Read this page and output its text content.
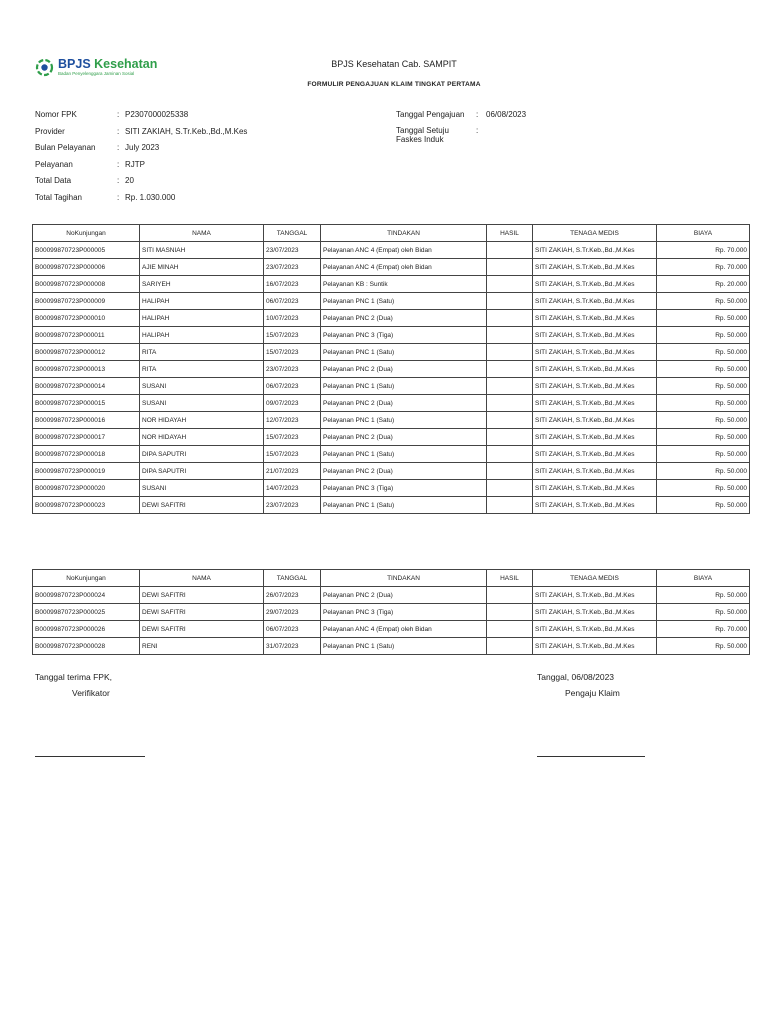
BPJS Kesehatan
Badan Penyelenggara Jaminan Sosial
BPJS Kesehatan Cab. SAMPIT
FORMULIR PENGAJUAN KLAIM TINGKAT PERTAMA
Nomor FPK	: P2307000025338
Provider	: SITI ZAKIAH, S.Tr.Keb.,Bd.,M.Kes
Bulan Pelayanan	: July 2023
Pelayanan	: RJTP
Total Data	: 20
Total Tagihan	: Rp. 1.030.000
Tanggal Pengajuan : 06/08/2023
Tanggal Setuju
Faskes Induk
:
NoKunjungan	NAMA	TANGGAL	TINDAKAN	HASIL	TENAGA MEDIS	BIAYA
B00099870723P000005	SITI MASNIAH	23/07/2023	Pelayanan ANC 4 (Empat) oleh Bidan		SITI ZAKIAH, S.Tr.Keb.,Bd.,M.Kes	Rp. 70.000
B00099870723P000006	AJIE MINAH	23/07/2023	Pelayanan ANC 4 (Empat) oleh Bidan		SITI ZAKIAH, S.Tr.Keb.,Bd.,M.Kes	Rp. 70.000
B00099870723P000008	SARIYEH	16/07/2023	Pelayanan KB : Suntik		SITI ZAKIAH, S.Tr.Keb.,Bd.,M.Kes	Rp. 20.000
B00099870723P000009	HALIPAH	06/07/2023	Pelayanan PNC 1 (Satu)		SITI ZAKIAH, S.Tr.Keb.,Bd.,M.Kes	Rp. 50.000
B00099870723P000010	HALIPAH	10/07/2023	Pelayanan PNC 2 (Dua)		SITI ZAKIAH, S.Tr.Keb.,Bd.,M.Kes	Rp. 50.000
B00099870723P000011	HALIPAH	15/07/2023	Pelayanan PNC 3 (Tiga)		SITI ZAKIAH, S.Tr.Keb.,Bd.,M.Kes	Rp. 50.000
B00099870723P000012	RITA	15/07/2023	Pelayanan PNC 1 (Satu)		SITI ZAKIAH, S.Tr.Keb.,Bd.,M.Kes	Rp. 50.000
B00099870723P000013	RITA	23/07/2023	Pelayanan PNC 2 (Dua)		SITI ZAKIAH, S.Tr.Keb.,Bd.,M.Kes	Rp. 50.000
B00099870723P000014	SUSANI	06/07/2023	Pelayanan PNC 1 (Satu)		SITI ZAKIAH, S.Tr.Keb.,Bd.,M.Kes	Rp. 50.000
B00099870723P000015	SUSANI	09/07/2023	Pelayanan PNC 2 (Dua)		SITI ZAKIAH, S.Tr.Keb.,Bd.,M.Kes	Rp. 50.000
B00099870723P000016	NOR HIDAYAH	12/07/2023	Pelayanan PNC 1 (Satu)		SITI ZAKIAH, S.Tr.Keb.,Bd.,M.Kes	Rp. 50.000
B00099870723P000017	NOR HIDAYAH	15/07/2023	Pelayanan PNC 2 (Dua)		SITI ZAKIAH, S.Tr.Keb.,Bd.,M.Kes	Rp. 50.000
B00099870723P000018	DIPA SAPUTRI	15/07/2023	Pelayanan PNC 1 (Satu)		SITI ZAKIAH, S.Tr.Keb.,Bd.,M.Kes	Rp. 50.000
B00099870723P000019	DIPA SAPUTRI	21/07/2023	Pelayanan PNC 2 (Dua)		SITI ZAKIAH, S.Tr.Keb.,Bd.,M.Kes	Rp. 50.000
B00099870723P000020	SUSANI	14/07/2023	Pelayanan PNC 3 (Tiga)		SITI ZAKIAH, S.Tr.Keb.,Bd.,M.Kes	Rp. 50.000
B00099870723P000023	DEWI SAFITRI	23/07/2023	Pelayanan PNC 1 (Satu)		SITI ZAKIAH, S.Tr.Keb.,Bd.,M.Kes	Rp. 50.000
NoKunjungan	NAMA	TANGGAL	TINDAKAN	HASIL	TENAGA MEDIS	BIAYA
B00099870723P000024	DEWI SAFITRI	26/07/2023	Pelayanan PNC 2 (Dua)		SITI ZAKIAH, S.Tr.Keb.,Bd.,M.Kes	Rp. 50.000
B00099870723P000025	DEWI SAFITRI	29/07/2023	Pelayanan PNC 3 (Tiga)		SITI ZAKIAH, S.Tr.Keb.,Bd.,M.Kes	Rp. 50.000
B00099870723P000026	DEWI SAFITRI	06/07/2023	Pelayanan ANC 4 (Empat) oleh Bidan		SITI ZAKIAH, S.Tr.Keb.,Bd.,M.Kes	Rp. 70.000
B00099870723P000028	RENI	31/07/2023	Pelayanan PNC 1 (Satu)		SITI ZAKIAH, S.Tr.Keb.,Bd.,M.Kes	Rp. 50.000
Tanggal terima FPK,
Verifikator
Tanggal, 06/08/2023
Pengaju Klaim
